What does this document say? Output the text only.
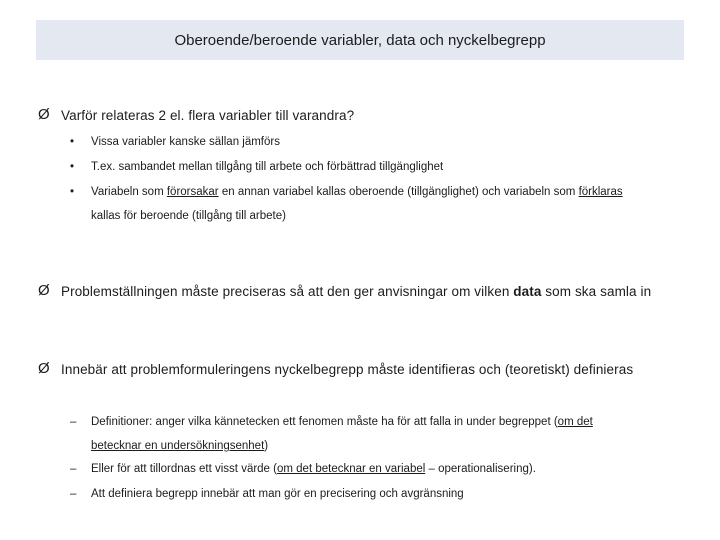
Oberoende/beroende variabler, data och nyckelbegrepp
Ø Varför relateras 2 el. flera variabler till varandra?
•	Vissa variabler kanske sällan jämförs
•	T.ex. sambandet mellan tillgång till arbete och förbättrad tillgänglighet
•	Variabeln som förorsakar en annan variabel kallas oberoende (tillgänglighet) och variabeln som förklaras
kallas för beroende (tillgång till arbete)
Ø Problemställningen måste preciseras så att den ger anvisningar om vilken data som ska samla in
Ø Innebär att problemformuleringens nyckelbegrepp måste identifieras och (teoretiskt) definieras
–	Definitioner: anger vilka kännetecken ett fenomen måste ha för att falla in under begreppet (om det
betecknar en undersökningsenhet)
–	Eller för att tillordnas ett visst värde (om det betecknar en variabel – operationalisering).
–	Att definiera begrepp innebär att man gör en precisering och avgränsning
